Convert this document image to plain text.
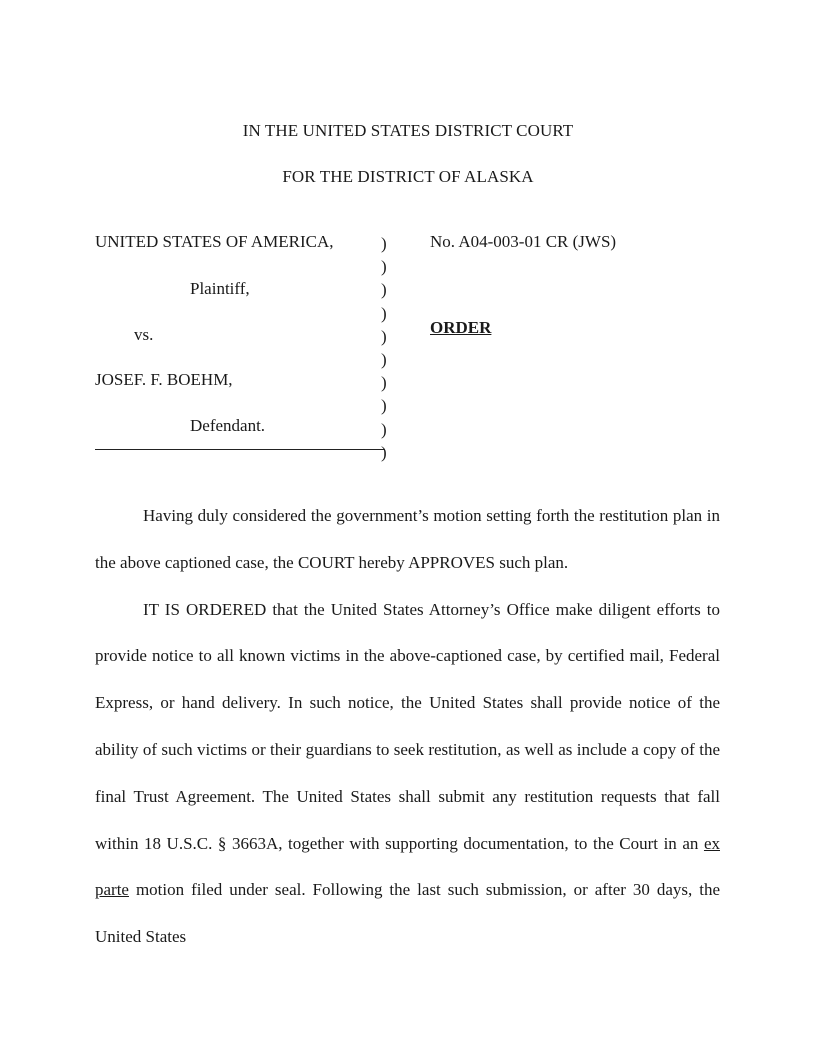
IN THE UNITED STATES DISTRICT COURT
FOR THE DISTRICT OF ALASKA
UNITED STATES OF AMERICA,
Plaintiff,
vs.
JOSEF. F. BOEHM,
Defendant.
)
)
)
)
)
)
)
)
)
)
No. A04-003-01 CR (JWS)
ORDER

Having duly considered the government’s motion setting forth the restitution plan in the above captioned case, the COURT hereby APPROVES such plan.

IT IS ORDERED that the United States Attorney’s Office make diligent efforts to provide notice to all known victims in the above-captioned case, by certified mail, Federal Express, or hand delivery. In such notice, the United States shall provide notice of the ability of such victims or their guardians to seek restitution, as well as include a copy of the final Trust Agreement. The United States shall submit any restitution requests that fall within 18 U.S.C. § 3663A, together with supporting documentation, to the Court in an ex parte motion filed under seal. Following the last such submission, or after 30 days, the United States
